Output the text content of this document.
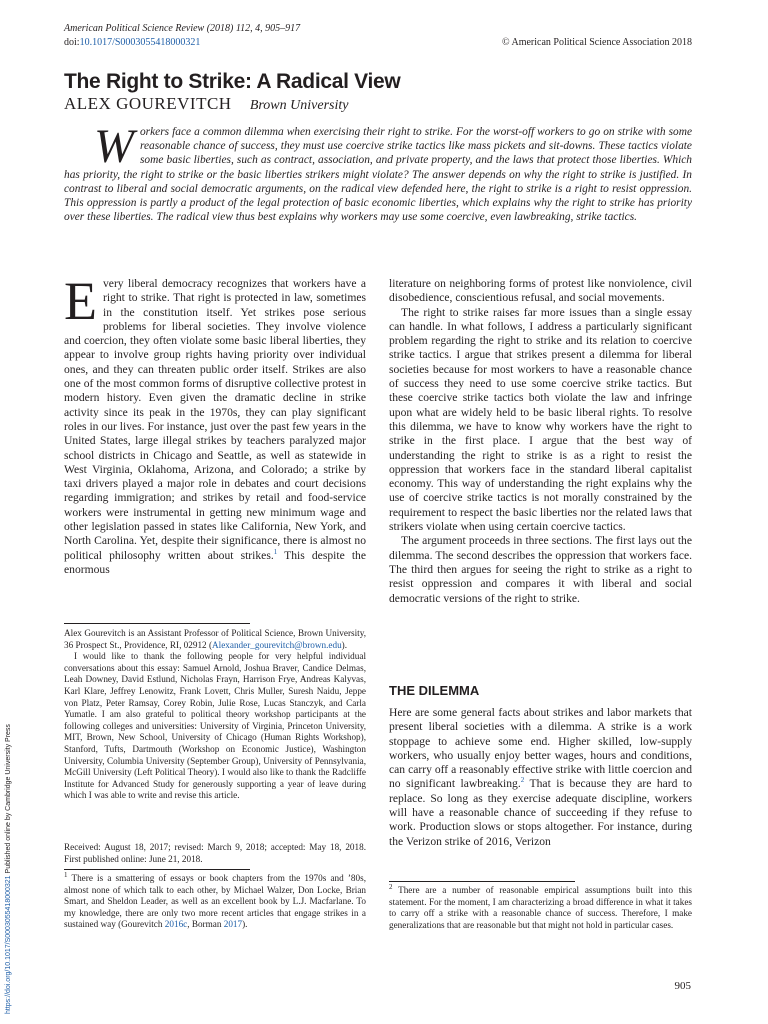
American Political Science Review (2018) 112, 4, 905–917
doi:10.1017/S0003055418000321	© American Political Science Association 2018
The Right to Strike: A Radical View
ALEX GOUREVITCH Brown University
Workers face a common dilemma when exercising their right to strike. For the worst-off workers to go on strike with some reasonable chance of success, they must use coercive strike tactics like mass pickets and sit-downs. These tactics violate some basic liberties, such as contract, association, and private property, and the laws that protect those liberties. Which has priority, the right to strike or the basic liberties strikers might violate? The answer depends on why the right to strike is justified. In contrast to liberal and social democratic arguments, on the radical view defended here, the right to strike is a right to resist oppression. This oppression is partly a product of the legal protection of basic economic liberties, which explains why the right to strike has priority over these liberties. The radical view thus best explains why workers may use some coercive, even lawbreaking, strike tactics.

Every liberal democracy recognizes that workers have a right to strike. That right is protected in law, sometimes in the constitution itself. Yet strikes pose serious problems for liberal societies. They involve violence and coercion, they often violate some basic liberal liberties, they appear to involve group rights having priority over individual ones, and they can threaten public order itself. Strikes are also one of the most common forms of disruptive collective protest in modern history. Even given the dramatic decline in strike activity since its peak in the 1970s, they can play significant roles in our lives. For instance, just over the past few years in the United States, large illegal strikes by teachers paralyzed major school districts in Chicago and Seattle, as well as statewide in West Virginia, Oklahoma, Arizona, and Colorado; a strike by taxi drivers played a major role in debates and court decisions regarding immigration; and strikes by retail and food-service workers were instrumental in getting new minimum wage and other legislation passed in states like California, New York, and North Carolina. Yet, despite their significance, there is almost no political philosophy written about strikes.$^1$ This despite the enormous

literature on neighboring forms of protest like nonviolence, civil disobedience, conscientious refusal, and social movements.

The right to strike raises far more issues than a single essay can handle. In what follows, I address a particularly significant problem regarding the right to strike and its relation to coercive strike tactics. I argue that strikes present a dilemma for liberal societies because for most workers to have a reasonable chance of success they need to use some coercive strike tactics. But these coercive strike tactics both violate the law and infringe upon what are widely held to be basic liberal rights. To resolve this dilemma, we have to know why workers have the right to strike in the first place. I argue that the best way of understanding the right to strike is as a right to resist the oppression that workers face in the standard liberal capitalist economy. This way of understanding the right explains why the use of coercive strike tactics is not morally constrained by the requirement to respect the basic liberties nor the related laws that strikers violate when using certain coercive tactics.

The argument proceeds in three sections. The first lays out the dilemma. The second describes the oppression that workers face. The third then argues for seeing the right to strike as a right to resist oppression and compares it with liberal and social democratic versions of the right to strike.

THE DILEMMA

Here are some general facts about strikes and labor markets that present liberal societies with a dilemma. A strike is a work stoppage to achieve some end. Higher skilled, low-supply workers, who usually enjoy better wages, hours and conditions, can carry off a reasonably effective strike with little coercion and no significant lawbreaking.$^2$ That is because they are hard to replace. So long as they exercise adequate discipline, workers will have a reasonable chance of succeeding if they refuse to work. Production slows or stops altogether. For instance, during the Verizon strike of 2016, Verizon

Alex Gourevitch is an Assistant Professor of Political Science, Brown University, 36 Prospect St., Providence, RI, 02912 (Alexander_gourevitch@brown.edu).

I would like to thank the following people for very helpful individual conversations about this essay: Samuel Arnold, Joshua Braver, Candice Delmas, Leah Downey, David Estlund, Nicholas Frayn, Harrison Frye, Andreas Kalyvas, Karl Klare, Jeffrey Lenowitz, Frank Lovett, Chris Muller, Suresh Naidu, Jeppe von Platz, Peter Ramsay, Corey Robin, Julie Rose, Lucas Stanczyk, and Carla Yumatle. I am also grateful to political theory workshop participants at the following colleges and universities: University of Virginia, Princeton University, MIT, Brown, New School, University of Chicago (Human Rights Workshop), Stanford, Tufts, Dartmouth (Workshop on Economic Justice), Washington University, Columbia University (September Group), University of Pennsylvania, McGill University (Left Political Theory). I would also like to thank the Radcliffe Institute for Advanced Study for generously supporting a year of leave during which I was able to write and revise this article.

Received: August 18, 2017; revised: March 9, 2018; accepted: May 18, 2018. First published online: June 21, 2018.

$^1$ There is a smattering of essays or book chapters from the 1970s and ’80s, almost none of which talk to each other, by Michael Walzer, Don Locke, Brian Smart, and Sheldon Leader, as well as an excellent book by L.J. Macfarlane. To my knowledge, there are only two more recent articles that engage strikes in a sustained way (Gourevitch 2016c, Borman 2017).

$^2$ There are a number of reasonable empirical assumptions built into this statement. For the moment, I am characterizing a broad difference in what it takes to carry off a strike with a reasonable chance of success. Therefore, I make generalizations that are reasonable but that might not hold in particular cases.

https://doi.org/10.1017/S0003055418000321 Published online by Cambridge University Press
905
